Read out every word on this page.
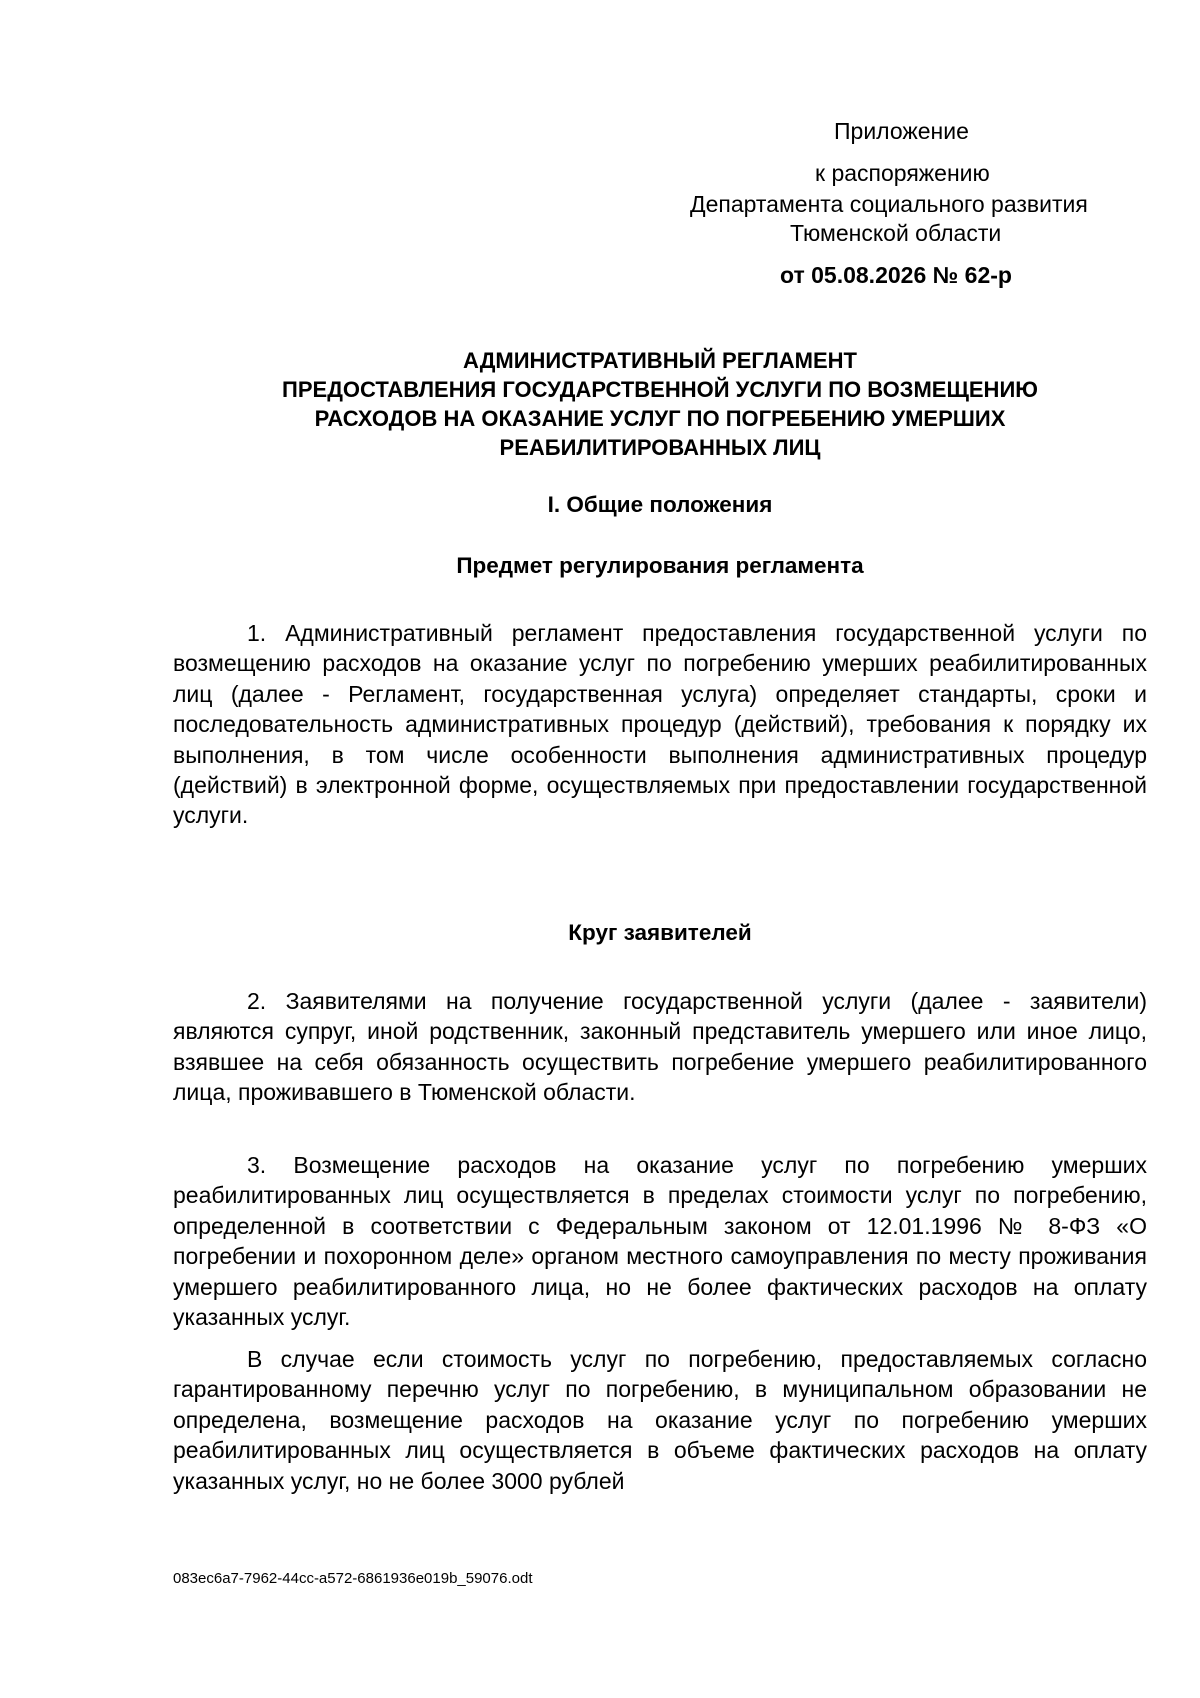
Приложение
к распоряжению
Департамента социального развития
Тюменской области
от 05.08.2026 № 62-р
АДМИНИСТРАТИВНЫЙ РЕГЛАМЕНТ
ПРЕДОСТАВЛЕНИЯ ГОСУДАРСТВЕННОЙ УСЛУГИ ПО ВОЗМЕЩЕНИЮ
РАСХОДОВ НА ОКАЗАНИЕ УСЛУГ ПО ПОГРЕБЕНИЮ УМЕРШИХ
РЕАБИЛИТИРОВАННЫХ ЛИЦ
I. Общие положения
Предмет регулирования регламента
1. Административный регламент предоставления государственной услуги по возмещению расходов на оказание услуг по погребению умерших реабилитированных лиц (далее - Регламент, государственная услуга) определяет стандарты, сроки и последовательность административных процедур (действий), требования к порядку их выполнения, в том числе особенности выполнения административных процедур (действий) в электронной форме, осуществляемых при предоставлении государственной услуги.
Круг заявителей
2. Заявителями на получение государственной услуги (далее - заявители) являются супруг, иной родственник, законный представитель умершего или иное лицо, взявшее на себя обязанность осуществить погребение умершего реабилитированного лица, проживавшего в Тюменской области.
3. Возмещение расходов на оказание услуг по погребению умерших реабилитированных лиц осуществляется в пределах стоимости услуг по погребению, определенной в соответствии с Федеральным законом от 12.01.1996 № 8-ФЗ «О погребении и похоронном деле» органом местного самоуправления по месту проживания умершего реабилитированного лица, но не более фактических расходов на оплату указанных услуг.
В случае если стоимость услуг по погребению, предоставляемых согласно гарантированному перечню услуг по погребению, в муниципальном образовании не определена, возмещение расходов на оказание услуг по погребению умерших реабилитированных лиц осуществляется в объеме фактических расходов на оплату указанных услуг, но не более 3000 рублей
083ec6a7-7962-44cc-a572-6861936e019b_59076.odt
